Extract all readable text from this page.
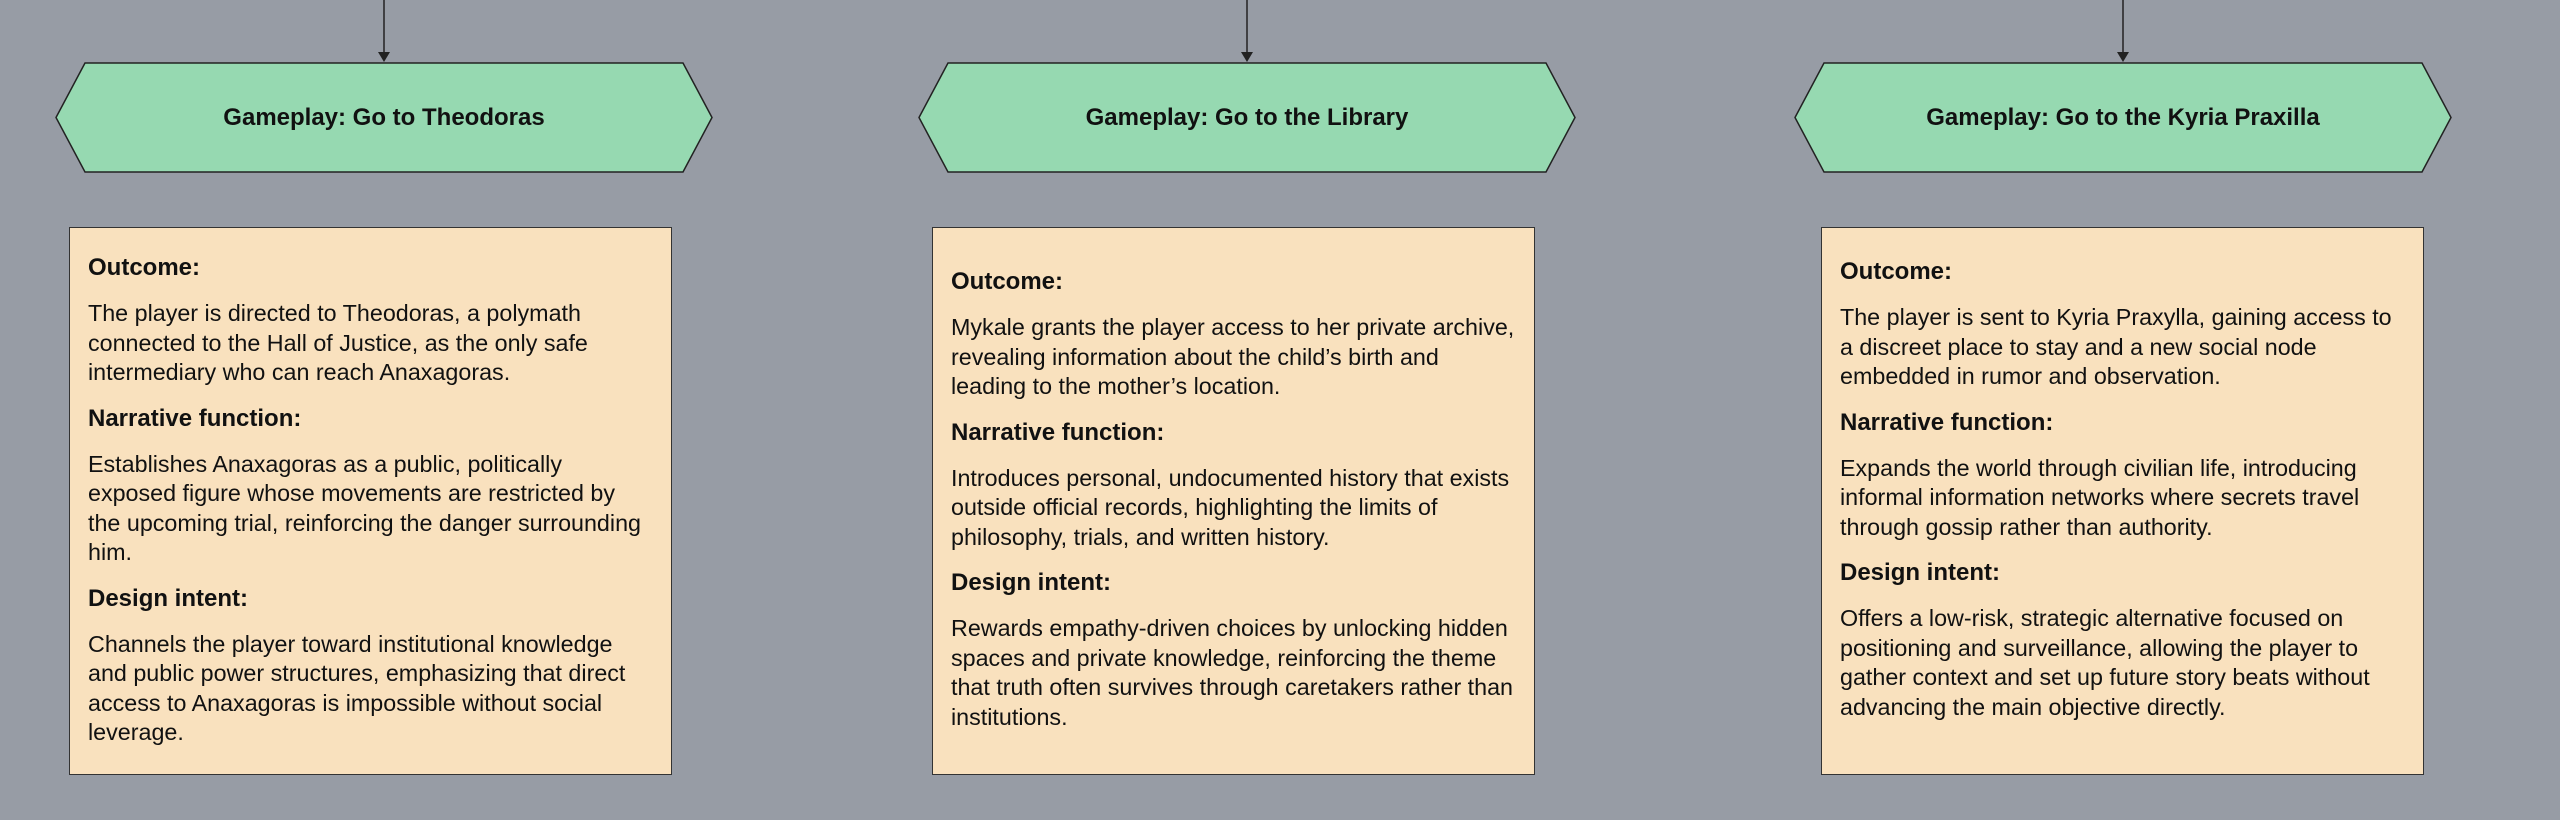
Gameplay: Go to Theodoras
Outcome:
The player is directed to Theodoras, a polymath connected to the Hall of Justice, as the only safe intermediary who can reach Anaxagoras.
Narrative function:
Establishes Anaxagoras as a public, politically exposed figure whose movements are restricted by the upcoming trial, reinforcing the danger surrounding him.
Design intent:
Channels the player toward institutional knowledge and public power structures, emphasizing that direct access to Anaxagoras is impossible without social leverage.
Gameplay: Go to the Library
Outcome:
Mykale grants the player access to her private archive, revealing information about the child’s birth and leading to the mother’s location.
Narrative function:
Introduces personal, undocumented history that exists outside official records, highlighting the limits of philosophy, trials, and written history.
Design intent:
Rewards empathy-driven choices by unlocking hidden spaces and private knowledge, reinforcing the theme that truth often survives through caretakers rather than institutions.
Gameplay: Go to the Kyria Praxilla
Outcome:
The player is sent to Kyria Praxylla, gaining access to a discreet place to stay and a new social node embedded in rumor and observation.
Narrative function:
Expands the world through civilian life, introducing informal information networks where secrets travel through gossip rather than authority.
Design intent:
Offers a low-risk, strategic alternative focused on positioning and surveillance, allowing the player to gather context and set up future story beats without advancing the main objective directly.
